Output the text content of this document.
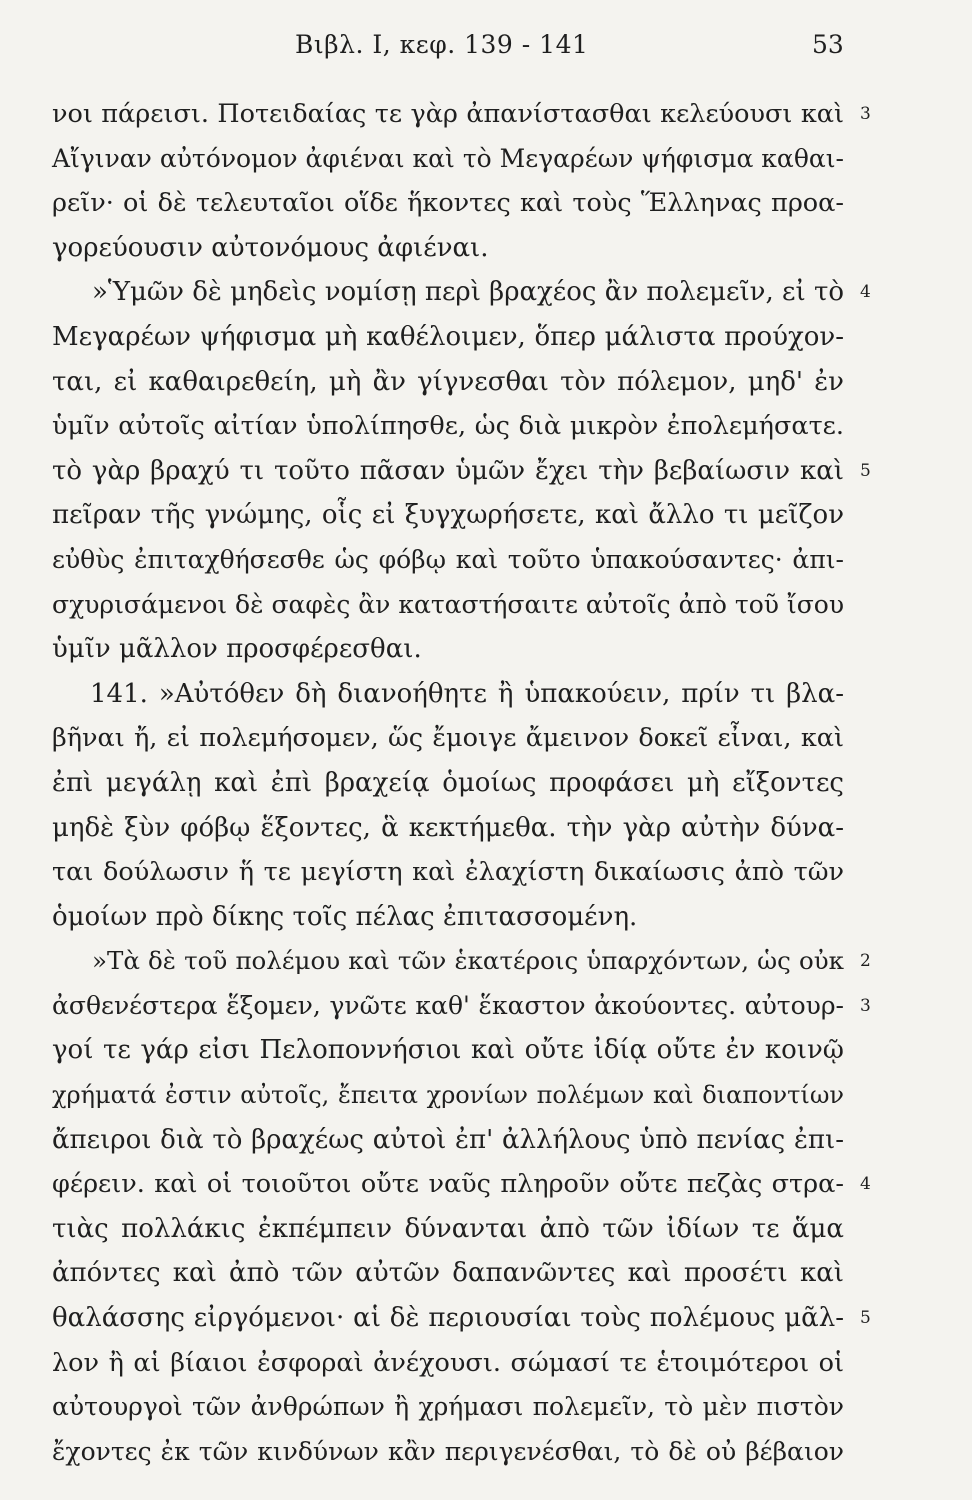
Βιβλ. I, κεφ. 139 - 141	53
νοι πάρεισι. Ποτειδαίας τε γὰρ ἀπανίστασθαι κελεύουσι καὶ 3
Αἴγιναν αὐτόνομον ἀφιέναι καὶ τὸ Μεγαρέων ψήφισμα καθαι-
ρεῖν· οἱ δὲ τελευταῖοι οἵδε ἥκοντες καὶ τοὺς Ἕλληνας προα-
γορεύουσιν αὐτονόμους ἀφιέναι.
»Ὑμῶν δὲ μηδεὶς νομίσῃ περὶ βραχέος ἂν πολεμεῖν, εἰ τὸ 4
Μεγαρέων ψήφισμα μὴ καθέλοιμεν, ὅπερ μάλιστα προύχον-
ται, εἰ καθαιρεθείη, μὴ ἂν γίγνεσθαι τὸν πόλεμον, μηδ' ἐν
ὑμῖν αὐτοῖς αἰτίαν ὑπολίπησθε, ὡς διὰ μικρὸν ἐπολεμήσατε.
τὸ γὰρ βραχύ τι τοῦτο πᾶσαν ὑμῶν ἔχει τὴν βεβαίωσιν καὶ 5
πεῖραν τῆς γνώμης, οἷς εἰ ξυγχωρήσετε, καὶ ἄλλο τι μεῖζον
εὐθὺς ἐπιταχθήσεσθε ὡς φόβῳ καὶ τοῦτο ὑπακούσαντες· ἀπι-
σχυρισάμενοι δὲ σαφὲς ἂν καταστήσαιτε αὐτοῖς ἀπὸ τοῦ ἴσου
ὑμῖν μᾶλλον προσφέρεσθαι.
141. »Αὐτόθεν δὴ διανοήθητε ἢ ὑπακούειν, πρίν τι βλα-
βῆναι ἤ, εἰ πολεμήσομεν, ὥς ἔμοιγε ἄμεινον δοκεῖ εἶναι, καὶ
ἐπὶ μεγάλῃ καὶ ἐπὶ βραχείᾳ ὁμοίως προφάσει μὴ εἴξοντες
μηδὲ ξὺν φόβῳ ἕξοντες, ἃ κεκτήμεθα. τὴν γὰρ αὐτὴν δύνα-
ται δούλωσιν ἥ τε μεγίστη καὶ ἐλαχίστη δικαίωσις ἀπὸ τῶν
ὁμοίων πρὸ δίκης τοῖς πέλας ἐπιτασσομένη.
»Τὰ δὲ τοῦ πολέμου καὶ τῶν ἑκατέροις ὑπαρχόντων, ὡς οὐκ 2
ἀσθενέστερα ἕξομεν, γνῶτε καθ' ἕκαστον ἀκούοντες. αὐτουρ- 3
γοί τε γάρ εἰσι Πελοποννήσιοι καὶ οὔτε ἰδίᾳ οὔτε ἐν κοινῷ
χρήματά ἐστιν αὐτοῖς, ἔπειτα χρονίων πολέμων καὶ διαποντίων
ἄπειροι διὰ τὸ βραχέως αὐτοὶ ἐπ' ἀλλήλους ὑπὸ πενίας ἐπι-
φέρειν. καὶ οἱ τοιοῦτοι οὔτε ναῦς πληροῦν οὔτε πεζὰς στρα- 4
τιὰς πολλάκις ἐκπέμπειν δύνανται ἀπὸ τῶν ἰδίων τε ἅμα
ἀπόντες καὶ ἀπὸ τῶν αὐτῶν δαπανῶντες καὶ προσέτι καὶ
θαλάσσης εἰργόμενοι· αἱ δὲ περιουσίαι τοὺς πολέμους μᾶλ- 5
λον ἢ αἱ βίαιοι ἐσφοραὶ ἀνέχουσι. σώμασί τε ἑτοιμότεροι οἱ
αὐτουργοὶ τῶν ἀνθρώπων ἢ χρήμασι πολεμεῖν, τὸ μὲν πιστὸν
ἔχοντες ἐκ τῶν κινδύνων κἂν περιγενέσθαι, τὸ δὲ οὐ βέβαιον
